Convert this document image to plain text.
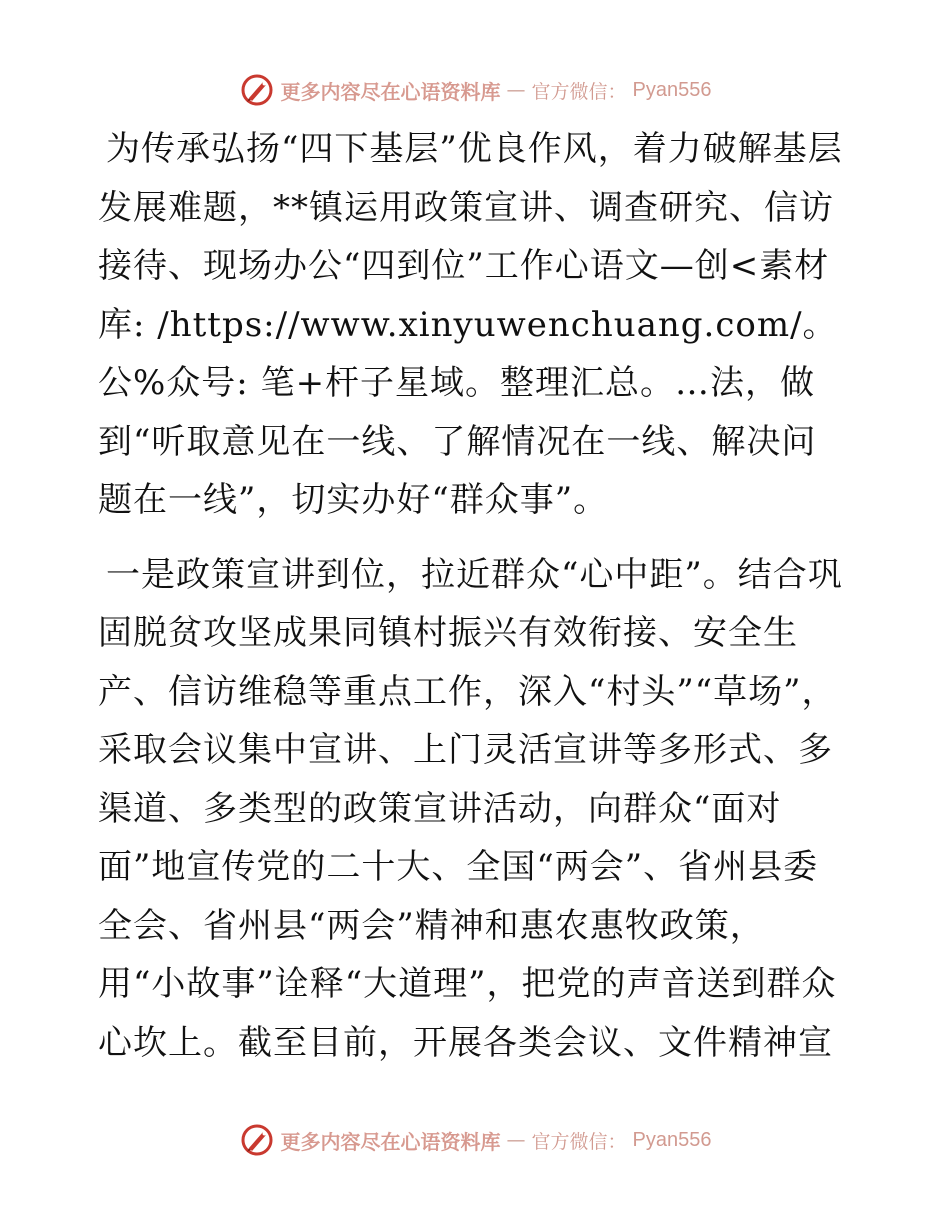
更多内容尽在心语资料库 — 官方微信： Pyan556

为传承弘扬“四下基层”优良作风，着力破解基层发展难题，**镇运用政策宣讲、调查研究、信访接待、现场办公“四到位”工作心语文—创<素材库: /https://www.xinyuwenchuang.com/。公%众号: 笔+杆子星域。整理汇总。…法，做到“听取意见在一线、了解情况在一线、解决问题在一线”，切实办好“群众事”。

一是政策宣讲到位，拉近群众“心中距”。结合巩固脱贫攻坚成果同镇村振兴有效衔接、安全生产、信访维稳等重点工作，深入“村头”“草场”，采取会议集中宣讲、上门灵活宣讲等多形式、多渠道、多类型的政策宣讲活动，向群众“面对面”地宣传党的二十大、全国“两会”、省州县委全会、省州县“两会”精神和惠农惠牧政策，用“小故事”诠释“大道理”，把党的声音送到群众心坎上。截至目前，开展各类会议、文件精神宣

更多内容尽在心语资料库 — 官方微信： Pyan556
